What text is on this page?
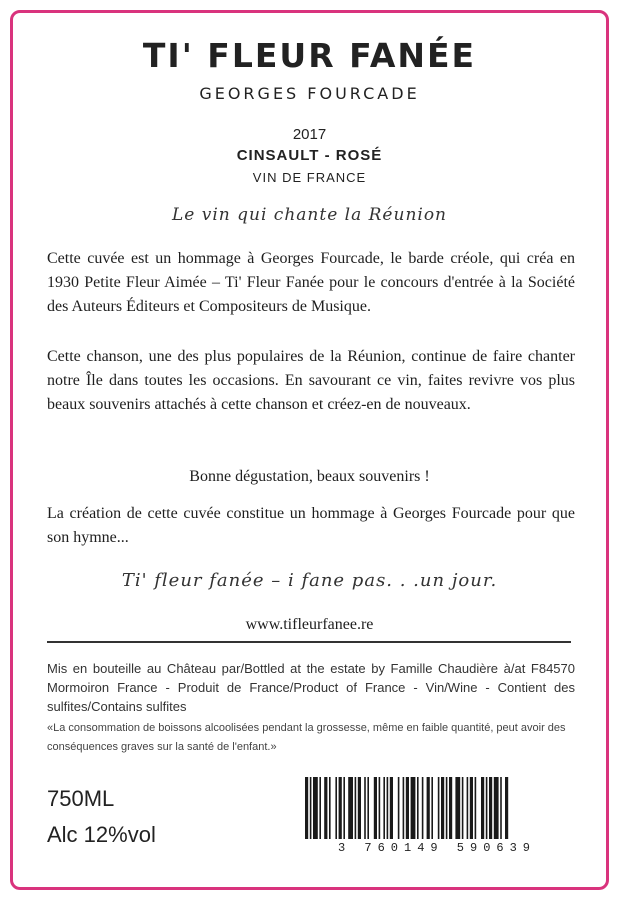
TI' FLEUR FANÉE
GEORGES FOURCADE
2017
CINSAULT - ROSÉ
VIN DE FRANCE
Le vin qui chante la Réunion
Cette cuvée est un hommage à Georges Fourcade, le barde créole, qui créa en 1930 Petite Fleur Aimée – Ti' Fleur Fanée pour le concours d'entrée à la Société des Auteurs Éditeurs et Compositeurs de Musique.
Cette chanson, une des plus populaires de la Réunion, continue de faire chanter notre Île dans toutes les occasions. En savourant ce vin, faites revivre vos plus beaux souvenirs attachés à cette chanson et créez-en de nouveaux.
Bonne dégustation, beaux souvenirs !
La création de cette cuvée constitue un hommage à Georges Fourcade pour que son hymne...
Ti' fleur fanée – i fane pas. . .un jour.
www.tifleurfanee.re
Mis en bouteille au Château par/Bottled at the estate by Famille Chaudière à/at F84570 Mormoiron France - Produit de France/Product of France - Vin/Wine - Contient des sulfites/Contains sulfites
«La consommation de boissons alcoolisées pendant la grossesse, même en faible quantité, peut avoir des conséquences graves sur la santé de l'enfant.»
750ML
Alc 12%vol
3 760149 590639
